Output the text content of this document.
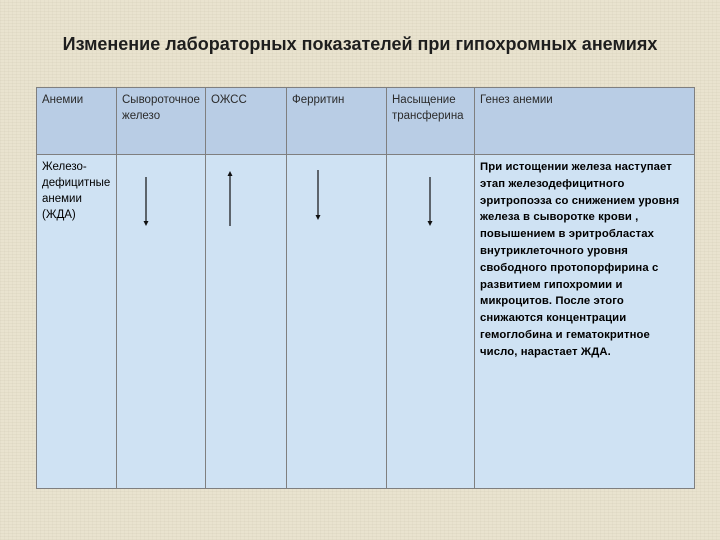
Изменение лабораторных показателей при гипохромных анемиях
Анемии	Сывороточное железо	ОЖСС	Ферритин	Насыщение трансферина	Генез анемии
Железо-дефицитные анемии (ЖДА)					При истощении железа наступает этап железодефицитного эритропоэза со снижением уровня железа в сыворотке крови , повышением в эритробластах внутриклеточного уровня свободного протопорфирина с развитием гипохромии и микроцитов. После этого снижаются концентрации гемоглобина и гематокритное число, нарастает ЖДА.
